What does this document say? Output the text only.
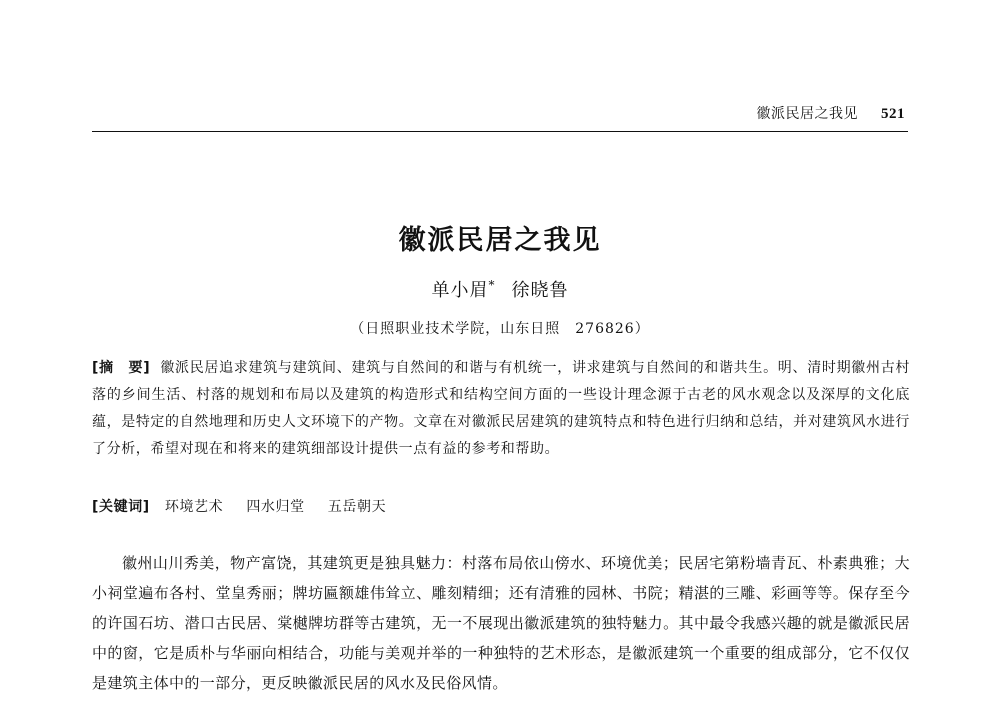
徽派民居之我见 521
徽派民居之我见
单小眉* 徐晓鲁
（日照职业技术学院，山东日照　276826）

[摘　要] 徽派民居追求建筑与建筑间、建筑与自然间的和谐与有机统一，讲求建筑与自然间的和谐共生。明、清时期徽州古村落的乡间生活、村落的规划和布局以及建筑的构造形式和结构空间方面的一些设计理念源于古老的风水观念以及深厚的文化底蕴，是特定的自然地理和历史人文环境下的产物。文章在对徽派民居建筑的建筑特点和特色进行归纳和总结，并对建筑风水进行了分析，希望对现在和将来的建筑细部设计提供一点有益的参考和帮助。

[关键词] 环境艺术 四水归堂 五岳朝天

徽州山川秀美，物产富饶，其建筑更是独具魅力：村落布局依山傍水、环境优美；民居宅第粉墙青瓦、朴素典雅；大小祠堂遍布各村、堂皇秀丽；牌坊匾额雄伟耸立、雕刻精细；还有清雅的园林、书院；精湛的三雕、彩画等等。保存至今的许国石坊、潜口古民居、棠樾牌坊群等古建筑，无一不展现出徽派建筑的独特魅力。其中最令我感兴趣的就是徽派民居中的窗，它是质朴与华丽向相结合，功能与美观并举的一种独特的艺术形态，是徽派建筑一个重要的组成部分，它不仅仅是建筑主体中的一部分，更反映徽派民居的风水及民俗风情。
